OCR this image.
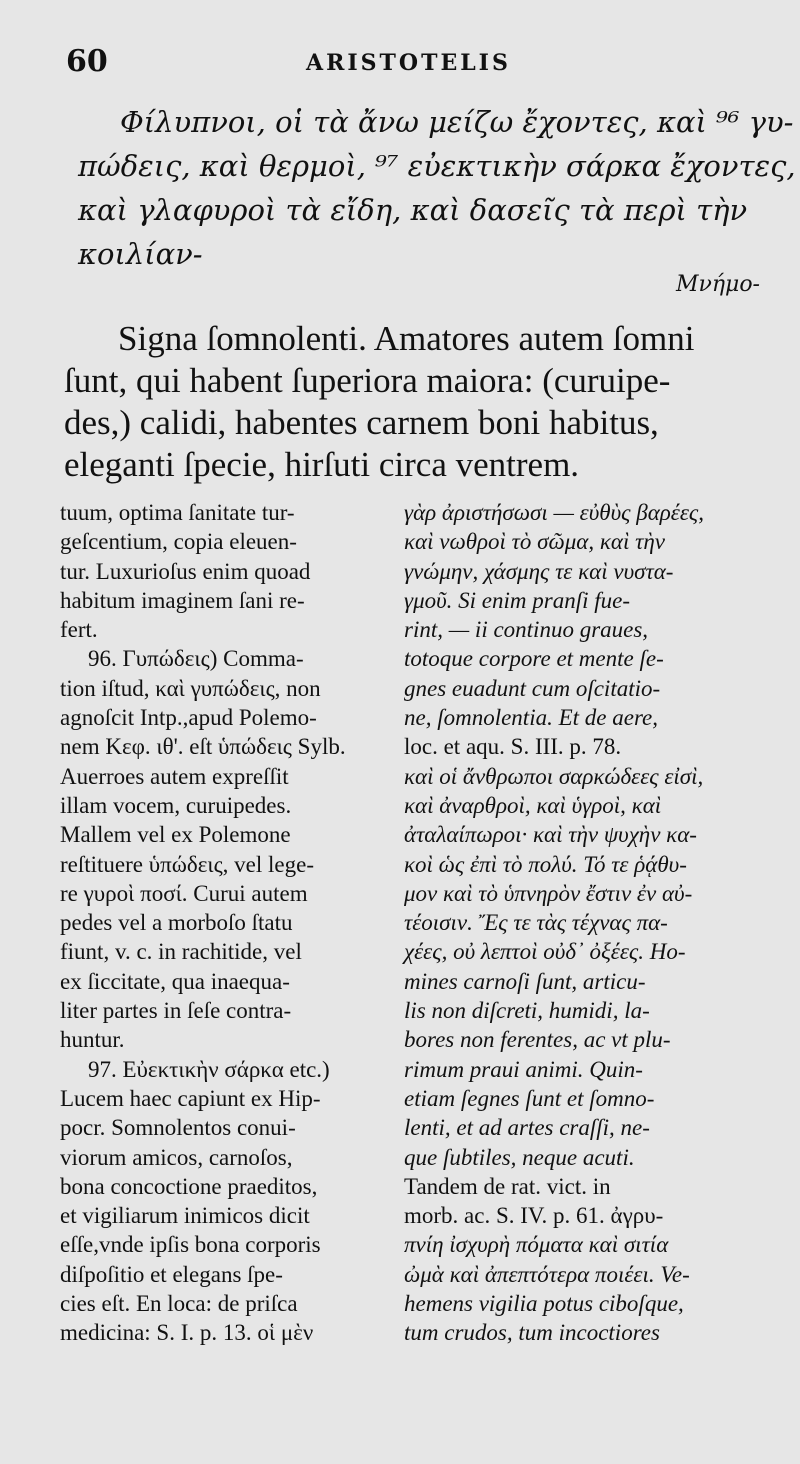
60	ARISTOTELIS
Φίλυπνοι, οἱ τὰ ἄνω μείζω ἔχοντες, καὶ ⁹⁶ γυ-
πώδεις, καὶ θερμοὶ, ⁹⁷ εὐεκτικὴν σάρκα ἔχοντες,
καὶ γλαφυροὶ τὰ εἴδη, καὶ δασεῖς τὰ περὶ τὴν
κοιλίαν-
Μνήμο-
Signa ſomnolenti. Amatores autem ſomni
ſunt, qui habent ſuperiora maiora: (curuipe-
des,) calidi, habentes carnem boni habitus,
eleganti ſpecie, hirſuti circa ventrem.

tuum, optima ſanitate tur-

geſcentium, copia eleuen-

tur. Luxurioſus enim quoad

habitum imaginem ſani re-

fert.

96. Γυπώδεις) Comma-

tion iſtud, καὶ γυπώδεις, non

agnoſcit Intp.,apud Polemo-

nem Κεφ. ιθ'. eſt ὑπώδεις Sylb.

Auerroes autem expreſſit

illam vocem, curuipedes.

Mallem vel ex Polemone

reſtituere ὑπώδεις, vel lege-

re γυροὶ ποσί. Curui autem

pedes vel a morboſo ſtatu

fiunt, v. c. in rachitide, vel

ex ſiccitate, qua inaequa-

liter partes in ſeſe contra-

huntur.

97. Εὐεκτικὴν σάρκα etc.)

Lucem haec capiunt ex Hip-

pocr. Somnolentos conui-

viorum amicos, carnoſos,

bona concoctione praeditos,

et vigiliarum inimicos dicit

eſſe,vnde ipſis bona corporis

diſpoſitio et elegans ſpe-

cies eſt. En loca: de priſca

medicina: S. I. p. 13. οἱ μὲν

γὰρ ἀριστήσωσι — εὐθὺς βαρέες,

καὶ νωθροὶ τὸ σῶμα, καὶ τὴν

γνώμην, χάσμης τε καὶ νυστα-

γμοῦ. Si enim pranſi fue-

rint, — ii continuo graues,

totoque corpore et mente ſe-

gnes euadunt cum oſcitatio-

ne, ſomnolentia. Et de aere,

loc. et aqu. S. III. p. 78.

καὶ οἱ ἄνθρωποι σαρκώδεες εἰσὶ,

καὶ ἀναρθροὶ, καὶ ὑγροὶ, καὶ

ἀταλαίπωροι· καὶ τὴν ψυχὴν κα-

κοὶ ὡς ἐπὶ τὸ πολύ. Τό τε ῥᾴθυ-

μον καὶ τὸ ὑπνηρὸν ἔστιν ἐν αὐ-

τέοισιν. Ἔς τε τὰς τέχνας πα-

χέες, οὐ λεπτοὶ οὐδ᾽ ὀξέες. Ho-

mines carnoſi ſunt, articu-

lis non diſcreti, humidi, la-

bores non ferentes, ac vt plu-

rimum praui animi. Quin-

etiam ſegnes ſunt et ſomno-

lenti, et ad artes craſſi, ne-

que ſubtiles, neque acuti.

Tandem de rat. vict. in

morb. ac. S. IV. p. 61. ἀγρυ-

πνίη ἰσχυρὴ πόματα καὶ σιτία

ὠμὰ καὶ ἀπεπτότερα ποιέει. Ve-

hemens vigilia potus ciboſque,

tum crudos, tum incoctiores
